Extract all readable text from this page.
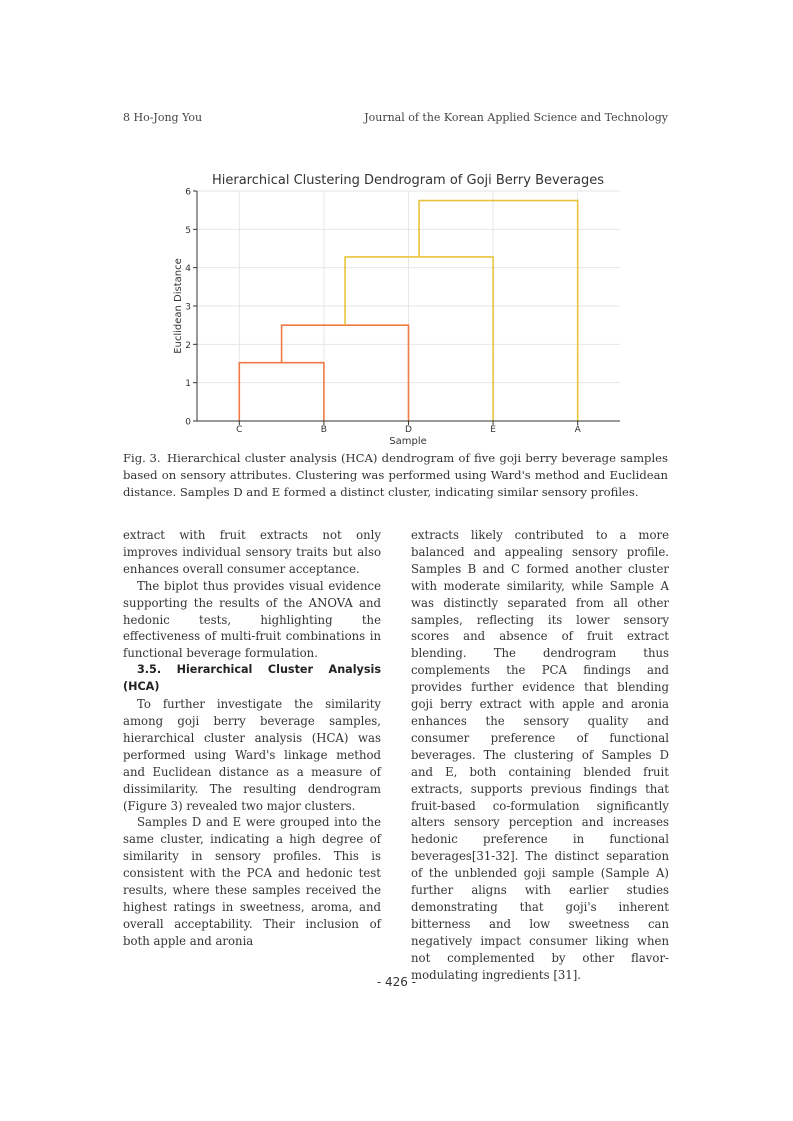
8 Ho-Jong You	Journal of the Korean Applied Science and Technology
0
1
2
3
4
5
6
C	B	D	E	A
Hierarchical Clustering Dendrogram of Goji Berry Beverages
Sample
Euclidean Distance
Fig. 3. Hierarchical cluster analysis (HCA) dendrogram of five goji berry beverage samples based on sensory attributes. Clustering was performed using Ward's method and Euclidean distance. Samples D and E formed a distinct cluster, indicating similar sensory profiles.

extract with fruit extracts not only improves individual sensory traits but also enhances overall consumer acceptance.

The biplot thus provides visual evidence supporting the results of the ANOVA and hedonic tests, highlighting the effectiveness of multi-fruit combinations in functional beverage formulation.

3.5. Hierarchical Cluster Analysis (HCA)

To further investigate the similarity among goji berry beverage samples, hierarchical cluster analysis (HCA) was performed using Ward's linkage method and Euclidean distance as a measure of dissimilarity. The resulting dendrogram (Figure 3) revealed two major clusters.

Samples D and E were grouped into the same cluster, indicating a high degree of similarity in sensory profiles. This is consistent with the PCA and hedonic test results, where these samples received the highest ratings in sweetness, aroma, and overall acceptability. Their inclusion of both apple and aronia

extracts likely contributed to a more balanced and appealing sensory profile. Samples B and C formed another cluster with moderate similarity, while Sample A was distinctly separated from all other samples, reflecting its lower sensory scores and absence of fruit extract blending. The dendrogram thus complements the PCA findings and provides further evidence that blending goji berry extract with apple and aronia enhances the sensory quality and consumer preference of functional beverages. The clustering of Samples D and E, both containing blended fruit extracts, supports previous findings that fruit-based co-formulation significantly alters sensory perception and increases hedonic preference in functional beverages[31-32]. The distinct separation of the unblended goji sample (Sample A) further aligns with earlier studies demonstrating that goji's inherent bitterness and low sweetness can negatively impact consumer liking when not complemented by other flavor-modulating ingredients [31].

- 426 -
